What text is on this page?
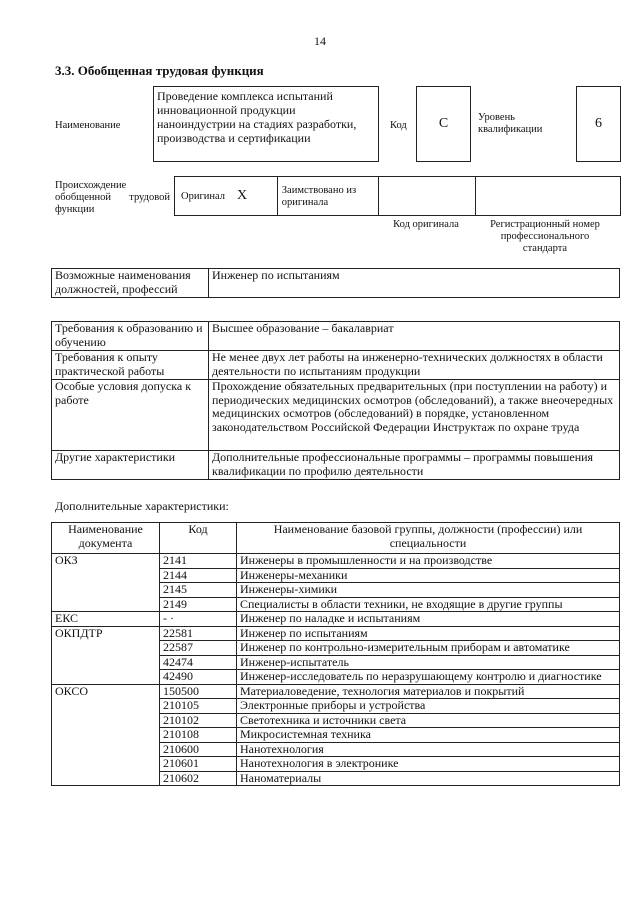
14
3.3. Обобщенная трудовая функция
Наименование
Проведение комплекса испытаний инновационной продукции наноиндустрии на стадиях разработки, производства и сертификации
Код	С	Уровень квалификации	6
Происхождение обобщенной трудовой функции
Оригинал X	Заимствовано из оригинала
Код оригинала	Регистрационный номер профессионального стандарта
Возможные наименования должностей, профессий	Инженер по испытаниям
Требования к образованию и обучению	Высшее образование – бакалавриат
Требования к опыту практической работы	Не менее двух лет работы на инженерно-технических должностях в области деятельности по испытаниям продукции
Особые условия допуска к работе	Прохождение обязательных предварительных (при поступлении на работу) и периодических медицинских осмотров (обследований), а также внеочередных медицинских осмотров (обследований) в порядке, установленном законодательством Российской Федерации Инструктаж по охране труда
Другие характеристики	Дополнительные профессиональные программы – программы повышения квалификации по профилю деятельности
Дополнительные характеристики:
Наименование документа	Код	Наименование базовой группы, должности (профессии) или специальности
ОКЗ	2141	Инженеры в промышленности и на производстве
	2144	Инженеры-механики
	2145	Инженеры-химики
	2149	Специалисты в области техники, не входящие в другие группы
ЕКС	- ·	Инженер по наладке и испытаниям
ОКПДТР	22581	Инженер по испытаниям
	22587	Инженер по контрольно-измерительным приборам и автоматике
	42474	Инженер-испытатель
	42490	Инженер-исследователь по неразрушающему контролю и диагностике
ОКСО	150500	Материаловедение, технология материалов и покрытий
	210105	Электронные приборы и устройства
	210102	Светотехника и источники света
	210108	Микросистемная техника
	210600	Нанотехнология
	210601	Нанотехнология в электронике
	210602	Наноматериалы
